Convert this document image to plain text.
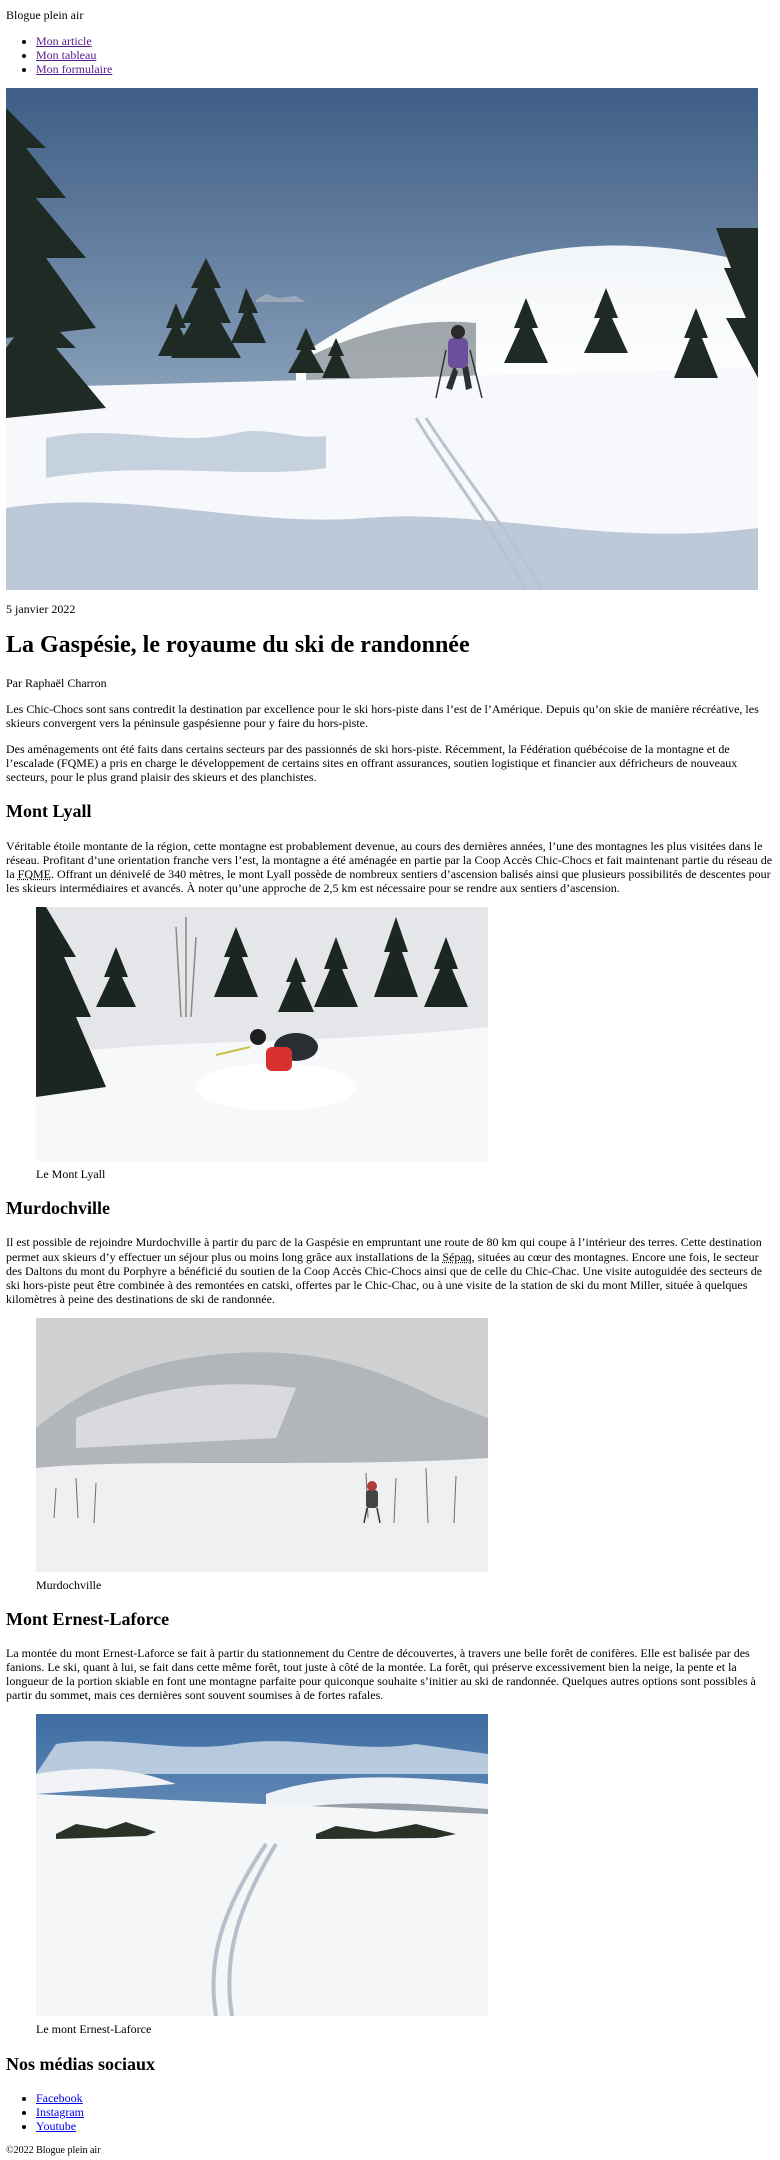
Blogue plein air

• Mon article
• Mon tableau
• Mon formulaire

5 janvier 2022

La Gaspésie, le royaume du ski de randonnée

Par Raphaël Charron

Les Chic-Chocs sont sans contredit la destination par excellence pour le ski hors-piste dans l’est de l’Amérique. Depuis qu’on skie de manière récréative, les skieurs convergent vers la péninsule gaspésienne pour y faire du hors-piste.

Des aménagements ont été faits dans certains secteurs par des passionnés de ski hors-piste. Récemment, la Fédération québécoise de la montagne et de l’escalade (FQME) a pris en charge le développement de certains sites en offrant assurances, soutien logistique et financier aux défricheurs de nouveaux secteurs, pour le plus grand plaisir des skieurs et des planchistes.

Mont Lyall

Véritable étoile montante de la région, cette montagne est probablement devenue, au cours des dernières années, l’une des montagnes les plus visitées dans le réseau. Profitant d’une orientation franche vers l’est, la montagne a été aménagée en partie par la Coop Accès Chic-Chocs et fait maintenant partie du réseau de la FQME. Offrant un dénivelé de 340 mètres, le mont Lyall possède de nombreux sentiers d’ascension balisés ainsi que plusieurs possibilités de descentes pour les skieurs intermédiaires et avancés. À noter qu’une approche de 2,5 km est nécessaire pour se rendre aux sentiers d’ascension.

Le Mont Lyall
Murdochville

Il est possible de rejoindre Murdochville à partir du parc de la Gaspésie en empruntant une route de 80 km qui coupe à l’intérieur des terres. Cette destination permet aux skieurs d’y effectuer un séjour plus ou moins long grâce aux installations de la Sépaq, situées au cœur des montagnes. Encore une fois, le secteur des Daltons du mont du Porphyre a bénéficié du soutien de la Coop Accès Chic-Chocs ainsi que de celle du Chic-Chac. Une visite autoguidée des secteurs de ski hors-piste peut être combinée à des remontées en catski, offertes par le Chic-Chac, ou à une visite de la station de ski du mont Miller, située à quelques kilomètres à peine des destinations de ski de randonnée.

Murdochville
Mont Ernest-Laforce

La montée du mont Ernest-Laforce se fait à partir du stationnement du Centre de découvertes, à travers une belle forêt de conifères. Elle est balisée par des fanions. Le ski, quant à lui, se fait dans cette même forêt, tout juste à côté de la montée. La forêt, qui préserve excessivement bien la neige, la pente et la longueur de la portion skiable en font une montagne parfaite pour quiconque souhaite s’initier au ski de randonnée. Quelques autres options sont possibles à partir du sommet, mais ces dernières sont souvent soumises à de fortes rafales.

Le mont Ernest-Laforce
Nos médias sociaux
• Facebook
• Instagram
• Youtube

©2022 Blogue plein air
